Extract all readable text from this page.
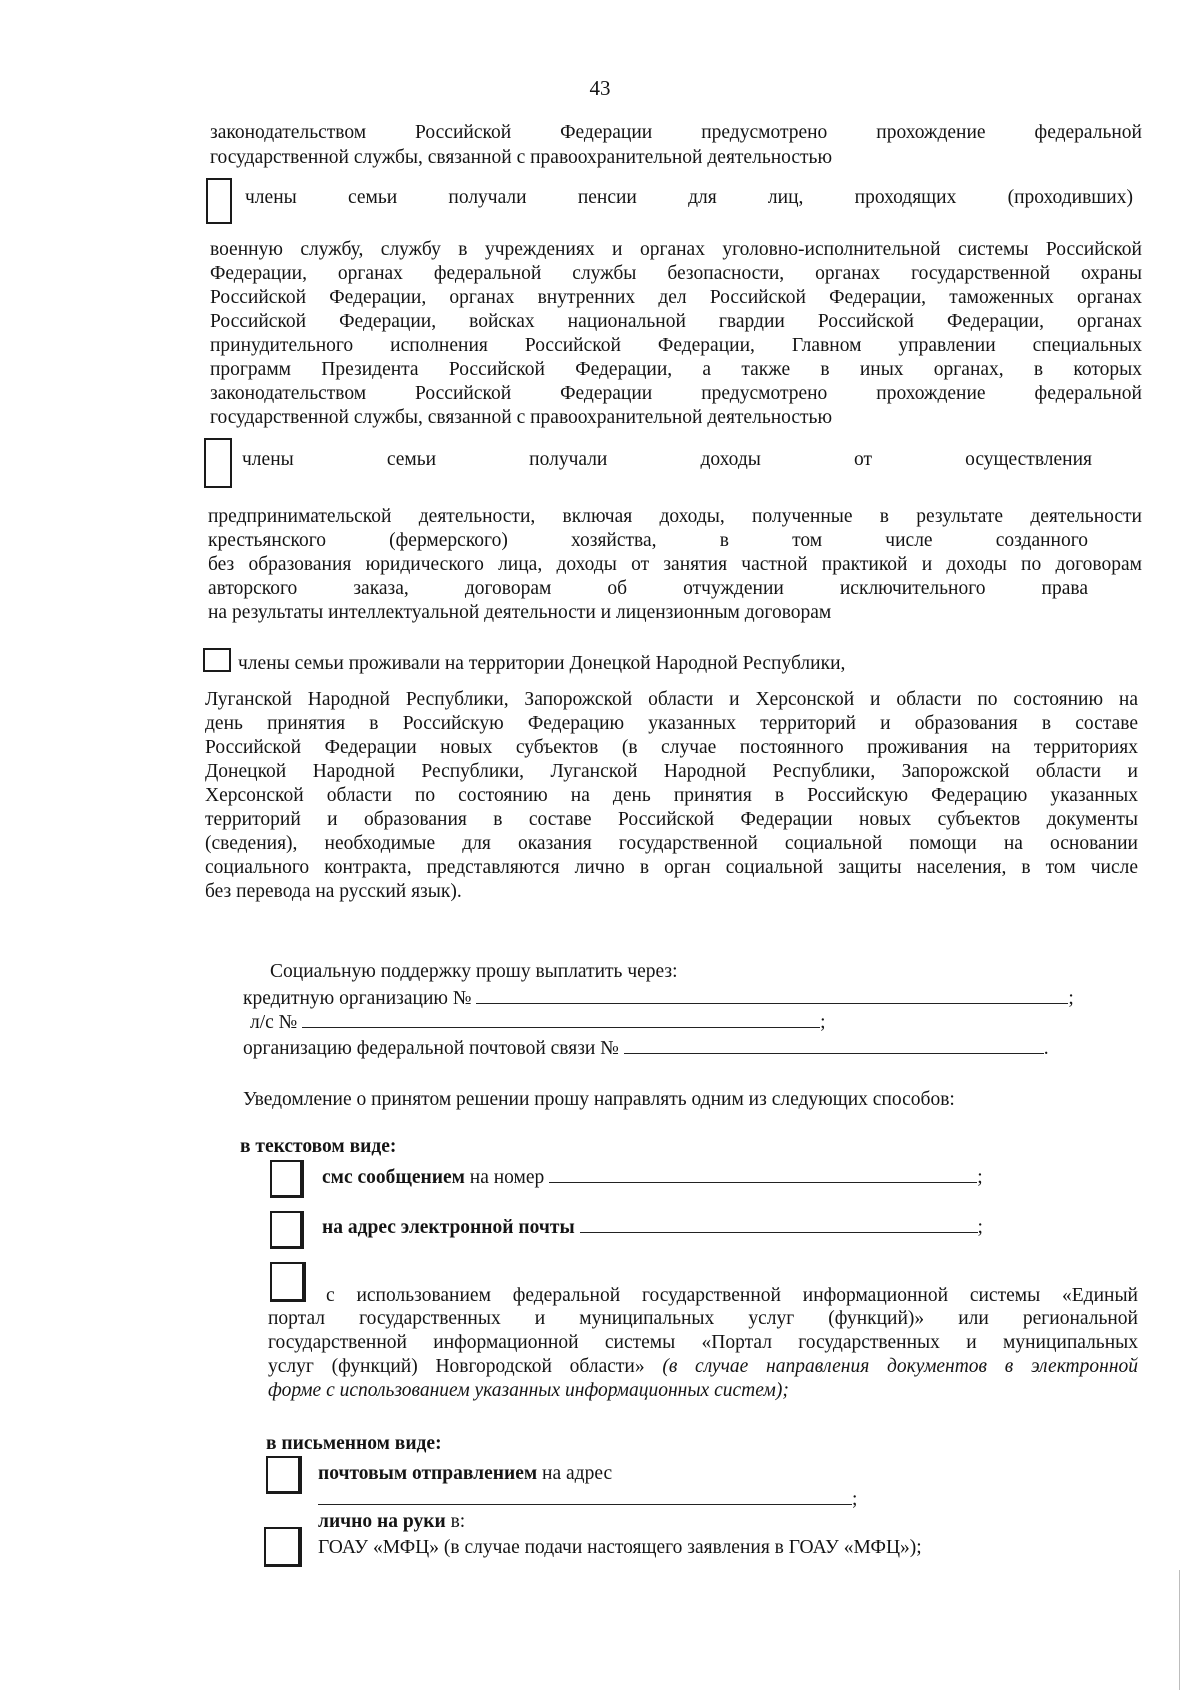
43
законодательством Российской Федерации предусмотрено прохождение федеральной
государственной службы, связанной с правоохранительной деятельностью
члены семьи получали пенсии для лиц, проходящих (проходивших)
военную службу, службу в учреждениях и органах уголовно-исполнительной системы Российской
Федерации, органах федеральной службы безопасности, органах государственной охраны
Российской Федерации, органах внутренних дел Российской Федерации, таможенных органах
Российской Федерации, войсках национальной гвардии Российской Федерации, органах
принудительного исполнения Российской Федерации, Главном управлении специальных
программ Президента Российской Федерации, а также в иных органах, в которых
законодательством Российской Федерации предусмотрено прохождение федеральной
государственной службы, связанной с правоохранительной деятельностью
члены семьи получали доходы от осуществления
предпринимательской деятельности, включая доходы, полученные в результате деятельности
крестьянского (фермерского) хозяйства, в том числе созданного
без образования юридического лица, доходы от занятия частной практикой и доходы по договорам
авторского заказа, договорам об отчуждении исключительного права
на результаты интеллектуальной деятельности и лицензионным договорам
члены семьи проживали на территории Донецкой Народной Республики,
Луганской Народной Республики, Запорожской области и Херсонской и области по состоянию на
день принятия в Российскую Федерацию указанных территорий и образования в составе
Российской Федерации новых субъектов (в случае постоянного проживания на территориях
Донецкой Народной Республики, Луганской Народной Республики, Запорожской области и
Херсонской области по состоянию на день принятия в Российскую Федерацию указанных
территорий и образования в составе Российской Федерации новых субъектов документы
(сведения), необходимые для оказания государственной социальной помощи на основании
социального контракта, представляются лично в орган социальной защиты населения, в том числе
без перевода на русский язык).
Социальную поддержку прошу выплатить через:
кредитную организацию №	;
л/с №	;
организацию федеральной почтовой связи №	.
Уведомление о принятом решении прошу направлять одним из следующих способов:
в текстовом виде:
смс сообщением на номер	;
на адрес электронной почты	;
с использованием федеральной государственной информационной системы «Единый
портал государственных и муниципальных услуг (функций)» или региональной
государственной информационной системы «Портал государственных и муниципальных
услуг (функций) Новгородской области» (в случае направления документов в электронной
форме с использованием указанных информационных систем);
в письменном виде:
почтовым отправлением на адрес
;
лично на руки в:
ГОАУ «МФЦ» (в случае подачи настоящего заявления в ГОАУ «МФЦ»);
